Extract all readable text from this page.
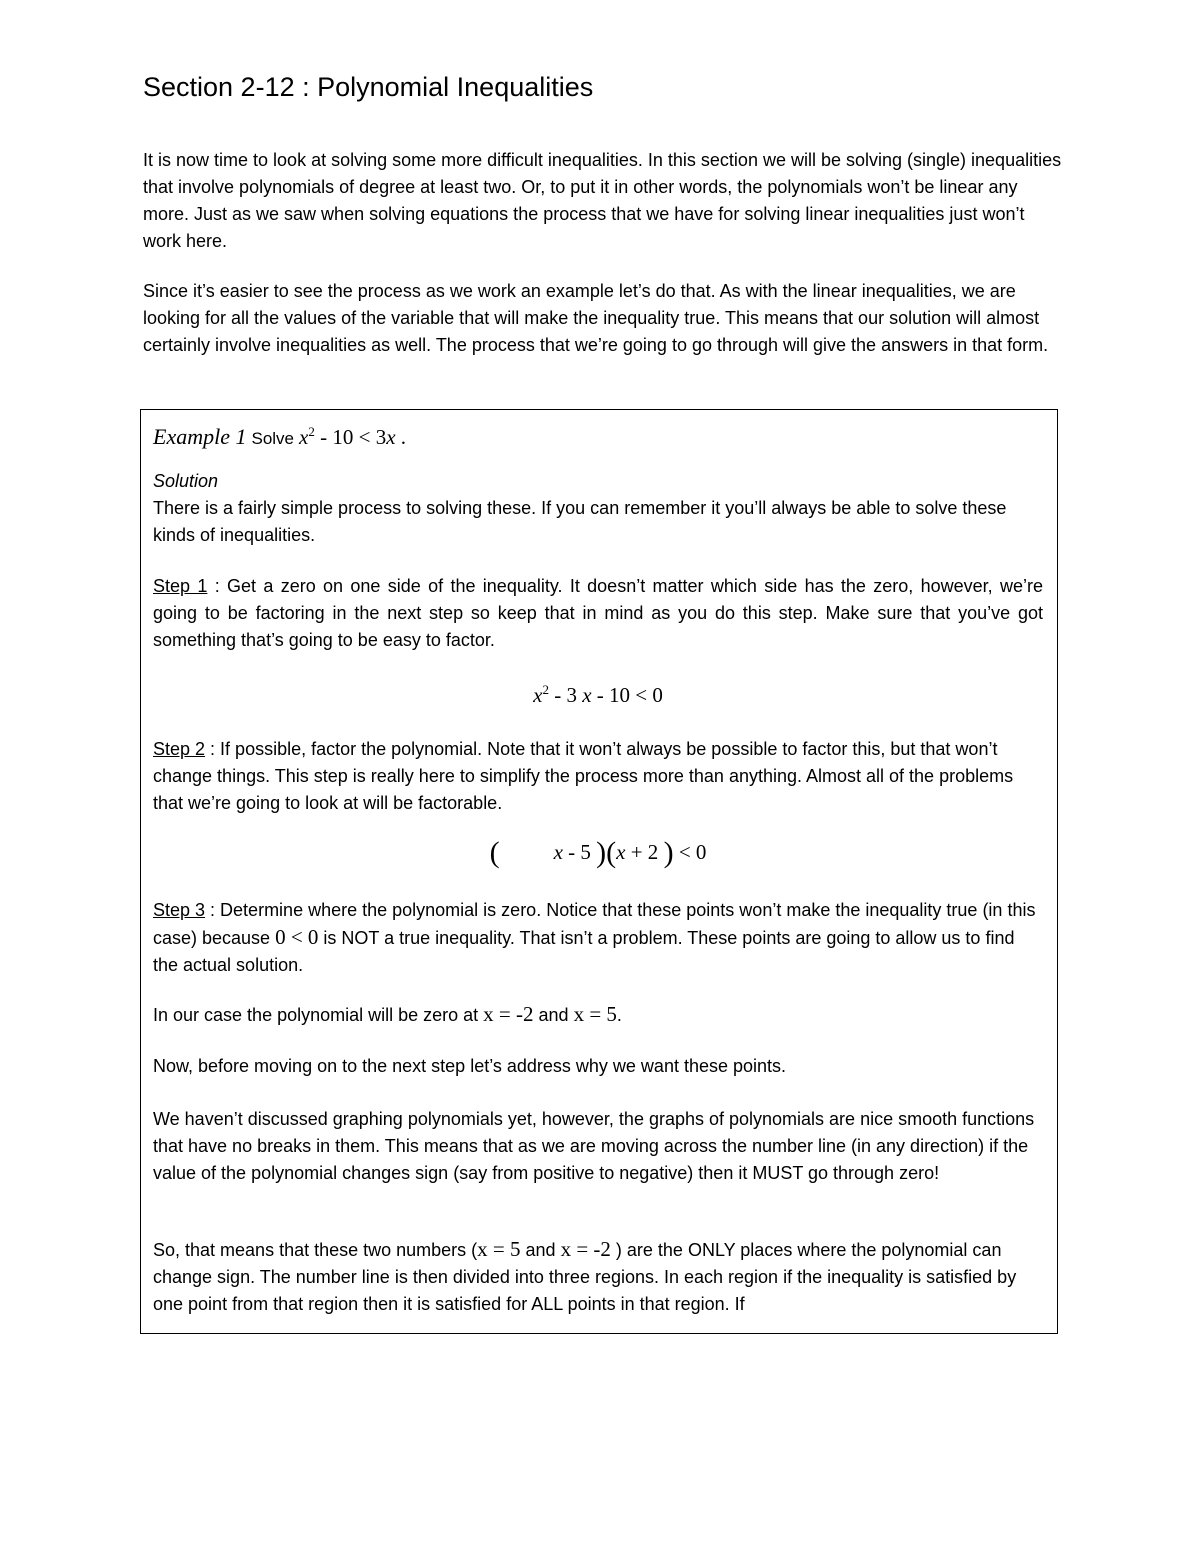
Section 2-12 : Polynomial Inequalities

It is now time to look at solving some more difficult inequalities. In this section we will be solving (single) inequalities that involve polynomials of degree at least two. Or, to put it in other words, the polynomials won’t be linear any more. Just as we saw when solving equations the process that we have for solving linear inequalities just won’t work here.

Since it’s easier to see the process as we work an example let’s do that. As with the linear inequalities, we are looking for all the values of the variable that will make the inequality true. This means that our solution will almost certainly involve inequalities as well. The process that we’re going to go through will give the answers in that form.

Example 1 Solve $x^2 - 10 < 3x$ .
Solution
There is a fairly simple process to solving these. If you can remember it you’ll always be able to solve these kinds of inequalities.
Step 1 : Get a zero on one side of the inequality. It doesn’t matter which side has the zero, however, we’re going to be factoring in the next step so keep that in mind as you do this step. Make sure that you’ve got something that’s going to be easy to factor.
$x^2 - 3$ x - 10 < 0
Step 2 : If possible, factor the polynomial. Note that it won’t always be possible to factor this, but that won’t change things. This step is really here to simplify the process more than anything. Almost all of the problems that we’re going to look at will be factorable.
(	x - 5 )(x + 2 ) < 0
Step 3 : Determine where the polynomial is zero. Notice that these points won’t make the inequality true (in this case) because 0 < 0 is NOT a true inequality. That isn’t a problem. These points are going to allow us to find the actual solution.
In our case the polynomial will be zero at x = -2 and x = 5.
Now, before moving on to the next step let’s address why we want these points.
We haven’t discussed graphing polynomials yet, however, the graphs of polynomials are nice smooth functions that have no breaks in them. This means that as we are moving across the number line (in any direction) if the value of the polynomial changes sign (say from positive to negative) then it MUST go through zero!
So, that means that these two numbers (x = 5 and x = -2 ) are the ONLY places where the polynomial can change sign. The number line is then divided into three regions. In each region if the inequality is satisfied by one point from that region then it is satisfied for ALL points in that region. If
